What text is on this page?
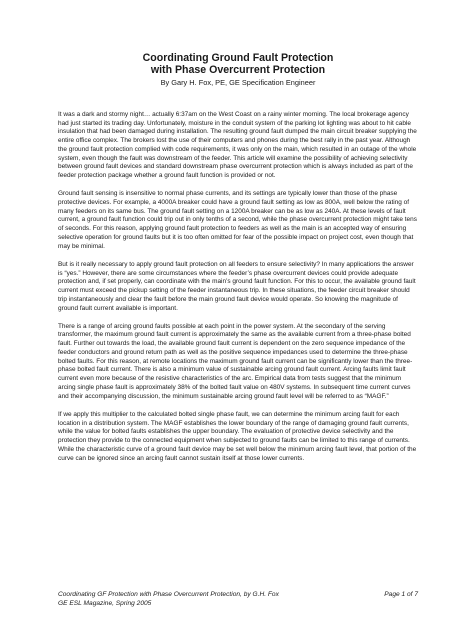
Coordinating Ground Fault Protection
with Phase Overcurrent Protection
By Gary H. Fox, PE, GE Specification Engineer

It was a dark and stormy night… actually 6:37am on the West Coast on a rainy winter morning. The local brokerage agency had just started its trading day. Unfortunately, moisture in the conduit system of the parking lot lighting was about to hit cable insulation that had been damaged during installation. The resulting ground fault dumped the main circuit breaker supplying the entire office complex. The brokers lost the use of their computers and phones during the best rally in the past year. Although the ground fault protection complied with code requirements, it was only on the main, which resulted in an outage of the whole system, even though the fault was downstream of the feeder. This article will examine the possibility of achieving selectivity between ground fault devices and standard downstream phase overcurrent protection which is always included as part of the feeder protection package whether a ground fault function is provided or not.

Ground fault sensing is insensitive to normal phase currents, and its settings are typically lower than those of the phase protective devices. For example, a 4000A breaker could have a ground fault setting as low as 800A, well below the rating of many feeders on its same bus. The ground fault setting on a 1200A breaker can be as low as 240A. At these levels of fault current, a ground fault function could trip out in only tenths of a second, while the phase overcurrent protection might take tens of seconds. For this reason, applying ground fault protection to feeders as well as the main is an accepted way of ensuring selective operation for ground faults but it is too often omitted for fear of the possible impact on project cost, even though that may be minimal.

But is it really necessary to apply ground fault protection on all feeders to ensure selectivity? In many applications the answer is “yes.” However, there are some circumstances where the feeder’s phase overcurrent devices could provide adequate protection and, if set properly, can coordinate with the main’s ground fault function. For this to occur, the available ground fault current must exceed the pickup setting of the feeder instantaneous trip. In these situations, the feeder circuit breaker should trip instantaneously and clear the fault before the main ground fault device would operate. So knowing the magnitude of ground fault current available is important.

There is a range of arcing ground faults possible at each point in the power system. At the secondary of the serving transformer, the maximum ground fault current is approximately the same as the available current from a three-phase bolted fault. Further out towards the load, the available ground fault current is dependent on the zero sequence impedance of the feeder conductors and ground return path as well as the positive sequence impedances used to determine the three-phase bolted faults. For this reason, at remote locations the maximum ground fault current can be significantly lower than the three-phase bolted fault current. There is also a minimum value of sustainable arcing ground fault current. Arcing faults limit fault current even more because of the resistive characteristics of the arc. Empirical data from tests suggest that the minimum arcing single phase fault is approximately 38% of the bolted fault value on 480V systems. In subsequent time current curves and their accompanying discussion, the minimum sustainable arcing ground fault level will be referred to as “MAGF.”

If we apply this multiplier to the calculated bolted single phase fault, we can determine the minimum arcing fault for each location in a distribution system. The MAGF establishes the lower boundary of the range of damaging ground fault currents, while the value for bolted faults establishes the upper boundary. The evaluation of protective device selectivity and the protection they provide to the connected equipment when subjected to ground faults can be limited to this range of currents. While the characteristic curve of a ground fault device may be set well below the minimum arcing fault level, that portion of the curve can be ignored since an arcing fault cannot sustain itself at those lower currents.

Coordinating GF Protection with Phase Overcurrent Protection, by G.H. Fox	Page 1 of 7
GE ESL Magazine, Spring 2005
